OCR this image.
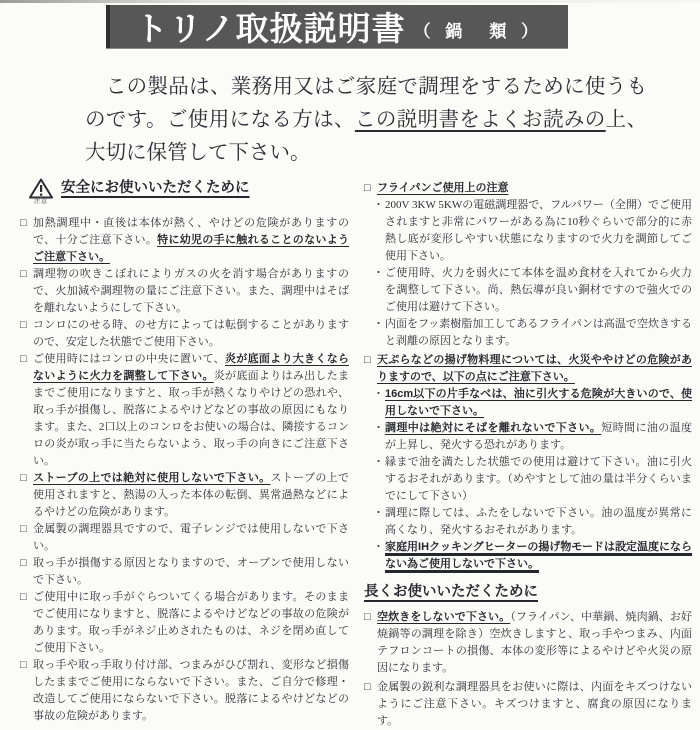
トリノ取扱説明書 （ 鍋　類 ）
　この製品は、業務用又はご家庭で調理をするために使うものです。ご使用になる方は、この説明書をよくお読みの上、大切に保管して下さい。
注意
安全にお使いいただくために
□ 加熱調理中・直後は本体が熱く、やけどの危険がありますので、十分ご注意下さい。特に幼児の手に触れることのないようご注意下さい。
□ 調理物の吹きこぼれによりガスの火を消す場合がありますので、火加減や調理物の量にご注意下さい。また、調理中はそばを離れないようにして下さい。
□ コンロにのせる時、のせ方によっては転倒することがありますので、安定した状態でご使用下さい。
□ ご使用時にはコンロの中央に置いて、炎が底面より大きくならないように火力を調整して下さい。炎が底面よりはみ出したままでご使用になりますと、取っ手が熱くなりやけどの恐れや、取っ手が損傷し、脱落によるやけどなどの事故の原因にもなります。また、2口以上のコンロをお使いの場合は、隣接するコンロの炎が取っ手に当たらないよう、取っ手の向きにご注意下さい。
□ ストーブの上では絶対に使用しないで下さい。ストーブの上で使用されますと、熱湯の入った本体の転倒、異常過熱などによるやけどの危険があります。
□ 金属製の調理器具ですので、電子レンジでは使用しないで下さい。
□ 取っ手が損傷する原因となりますので、オーブンで使用しないで下さい。
□ ご使用中に取っ手がぐらついてくる場合があります。そのままでご使用になりますと、脱落によるやけどなどの事故の危険があります。取っ手がネジ止めされたものは、ネジを閉め直してご使用下さい。
□ 取っ手や取っ手取り付け部、つまみがひび割れ、変形など損傷したままでご使用にならないで下さい。また、ご自分で修理・改造してご使用にならないで下さい。脱落によるやけどなどの事故の危険があります。
□ フライパンご使用上の注意
・ 200V 3KW 5KWの電磁調理器で、フルパワー（全開）でご使用されますと非常にパワーがある為に10秒ぐらいで部分的に赤熱し底が変形しやすい状態になりますので火力を調節してご使用下さい。
・ ご使用時、火力を弱火にて本体を温め食材を入れてから火力を調整して下さい。尚、熱伝導が良い銅材ですので強火でのご使用は避けて下さい。
・ 内面をフッ素樹脂加工してあるフライパンは高温で空炊きすると剥離の原因となります。
□ 天ぷらなどの揚げ物料理については、火災ややけどの危険がありますので、以下の点にご注意下さい。
・ 16cm以下の片手なべは、油に引火する危険が大きいので、使用しないで下さい。
・ 調理中は絶対にそばを離れないで下さい。短時間に油の温度が上昇し、発火する恐れがあります。
・ 縁まで油を満たした状態での使用は避けて下さい。油に引火するおそれがあります。（めやすとして油の量は半分くらいまでにして下さい）
・ 調理に際しては、ふたをしないで下さい。油の温度が異常に高くなり、発火するおそれがあります。
・ 家庭用IHクッキングヒーターの揚げ物モードは設定温度にならない為ご使用しないで下さい。
長くお使いいただくために
□ 空炊きをしないで下さい。（フライパン、中華鍋、焼肉鍋、お好焼鍋等の調理を除き）空炊きしますと、取っ手やつまみ、内面テフロンコートの損傷、本体の変形等によるやけどや火災の原因になります。
□ 金属製の鋭利な調理器具をお使いに際は、内面をキズつけないようにご注意下さい。キズつけますと、腐食の原因になります。
